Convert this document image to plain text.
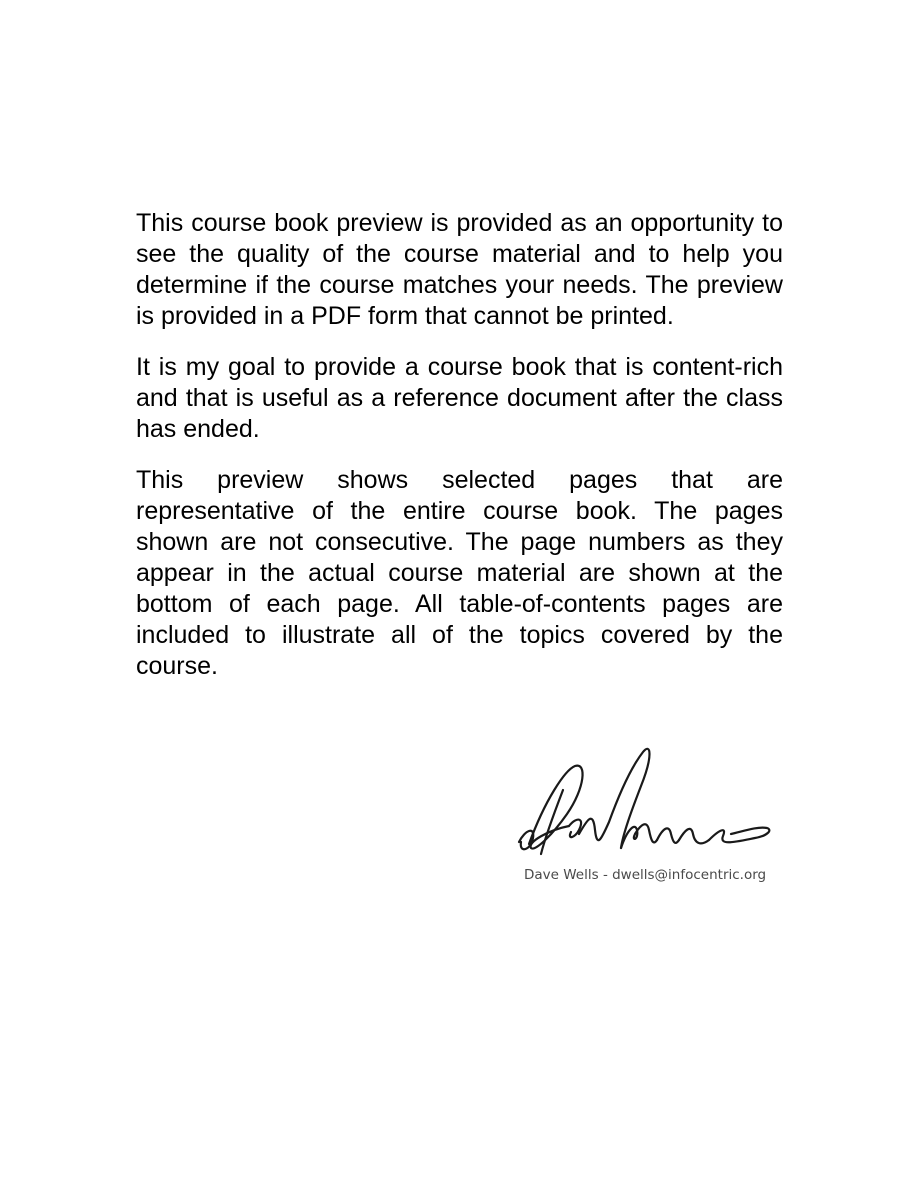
This course book preview is provided as an opportunity to see the quality of the course material and to help you determine if the course matches your needs. The preview is provided in a PDF form that cannot be printed.

It is my goal to provide a course book that is content-rich and that is useful as a reference document after the class has ended.

This preview shows selected pages that are representative of the entire course book. The pages shown are not consecutive. The page numbers as they appear in the actual course material are shown at the bottom of each page. All table-of-contents pages are included to illustrate all of the topics covered by the course.

Dave Wells - dwells@infocentric.org
